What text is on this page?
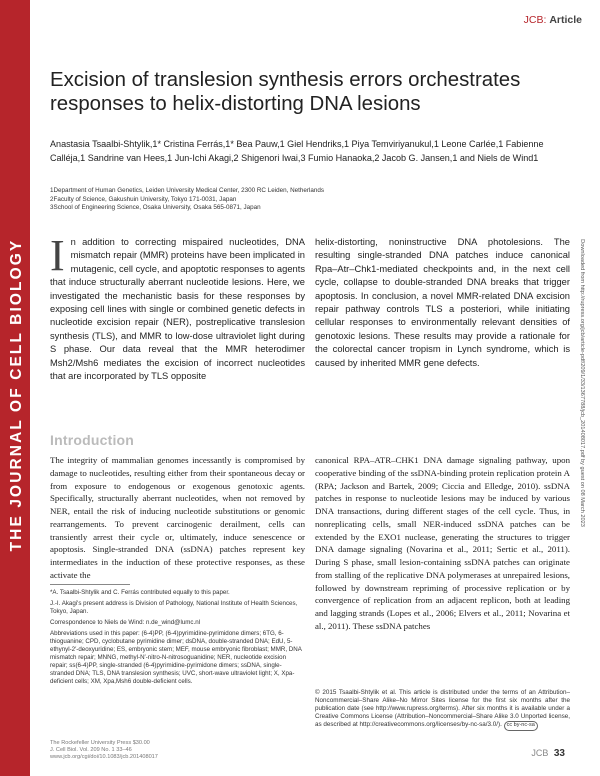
THE JOURNAL OF CELL BIOLOGY
JCB: Article
Excision of translesion synthesis errors orchestrates responses to helix-distorting DNA lesions
Anastasia Tsaalbi-Shtylik,1* Cristina Ferrás,1* Bea Pauw,1 Giel Hendriks,1 Piya Temviriyanukul,1 Leone Carlée,1 Fabienne Calléja,1 Sandrine van Hees,1 Jun-Ichi Akagi,2 Shigenori Iwai,3 Fumio Hanaoka,2 Jacob G. Jansen,1 and Niels de Wind1
1Department of Human Genetics, Leiden University Medical Center, 2300 RC Leiden, Netherlands
2Faculty of Science, Gakushuin University, Tokyo 171-0031, Japan
3School of Engineering Science, Osaka University, Osaka 565-0871, Japan
In addition to correcting mispaired nucleotides, DNA mismatch repair (MMR) proteins have been implicated in mutagenic, cell cycle, and apoptotic responses to agents that induce structurally aberrant nucleotide lesions. Here, we investigated the mechanistic basis for these responses by exposing cell lines with single or combined genetic defects in nucleotide excision repair (NER), postreplicative translesion synthesis (TLS), and MMR to low-dose ultraviolet light during S phase. Our data reveal that the MMR heterodimer Msh2/Msh6 mediates the excision of incorrect nucleotides that are incorporated by TLS opposite
helix-distorting, noninstructive DNA photolesions. The resulting single-stranded DNA patches induce canonical Rpa–Atr–Chk1-mediated checkpoints and, in the next cell cycle, collapse to double-stranded DNA breaks that trigger apoptosis. In conclusion, a novel MMR-related DNA excision repair pathway controls TLS a posteriori, while initiating cellular responses to environmentally relevant densities of genotoxic lesions. These results may provide a rationale for the colorectal cancer tropism in Lynch syndrome, which is caused by inherited MMR gene defects.	Downloaded from http://rupress.org/jcb/article-pdf/209/1/33/1367788/jcb_201408017.pdf by guest on 08 March 2023
Introduction
The integrity of mammalian genomes incessantly is compromised by damage to nucleotides, resulting either from their spontaneous decay or from exposure to endogenous or exogenous genotoxic agents. Specifically, structurally aberrant nucleotides, when not removed by NER, entail the risk of inducing nucleotide substitutions or genomic rearrangements. To prevent carcinogenic derailment, cells can transiently arrest their cycle or, ultimately, induce senescence or apoptosis. Single-stranded DNA (ssDNA) patches represent key intermediates in the induction of these protective responses, as these activate the
canonical RPA–ATR–CHK1 DNA damage signaling pathway, upon cooperative binding of the ssDNA-binding protein replication protein A (RPA; Jackson and Bartek, 2009; Ciccia and Elledge, 2010). ssDNA patches in response to nucleotide lesions may be induced by various DNA transactions, during different stages of the cell cycle. Thus, in nonreplicating cells, small NER-induced ssDNA patches can be extended by the EXO1 nuclease, generating the structures to trigger DNA damage signaling (Novarina et al., 2011; Sertic et al., 2011). During S phase, small lesion-containing ssDNA patches can originate from stalling of the replicative DNA polymerases at unrepaired lesions, followed by downstream repriming of processive replication or by convergence of replication from an adjacent replicon, both at leading and lagging strands (Lopes et al., 2006; Elvers et al., 2011; Novarina et al., 2011). These ssDNA patches

*A. Tsaalbi-Shtylik and C. Ferrás contributed equally to this paper.

J.-I. Akagi's present address is Division of Pathology, National Institute of Health Sciences, Tokyo, Japan.

Correspondence to Niels de Wind: n.de_wind@lumc.nl

Abbreviations used in this paper: (6-4)PP, (6-4)pyrimidine-pyrimidone dimers; 6TG, 6-thioguanine; CPD, cyclobutane pyrimidine dimer; dsDNA, double-stranded DNA; EdU, 5-ethynyl-2′-deoxyuridine; ES, embryonic stem; MEF, mouse embryonic fibroblast; MMR, DNA mismatch repair; MNNG, methyl-N′-nitro-N-nitrosoguanidine; NER, nucleotide excision repair; ss(6-4)PP, single-stranded (6-4)pyrimidine-pyrimidone dimers; ssDNA, single-stranded DNA; TLS, DNA translesion synthesis; UVC, short-wave ultraviolet light; X, Xpa-deficient cells; XM, Xpa,Msh6 double-deficient cells.

© 2015 Tsaalbi-Shtylik et al. This article is distributed under the terms of an Attribution–Noncommercial–Share Alike–No Mirror Sites license for the first six months after the publication date (see http://www.rupress.org/terms). After six months it is available under a Creative Commons License (Attribution–Noncommercial–Share Alike 3.0 Unported license, as described at http://creativecommons.org/licenses/by-nc-sa/3.0/). cc by-nc-sa
The Rockefeller University Press $30.00
J. Cell Biol. Vol. 209 No. 1 33–46
www.jcb.org/cgi/doi/10.1083/jcb.201408017	JCB 33
